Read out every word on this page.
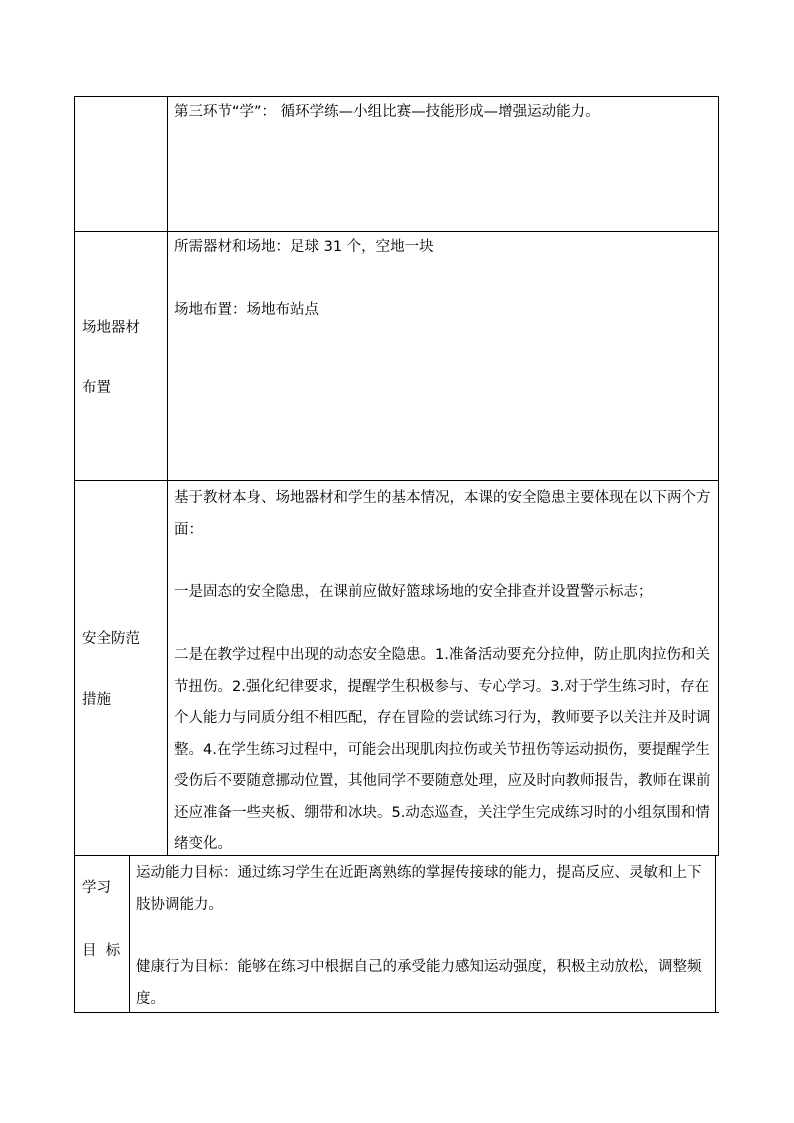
第三环节“学”： 循环学练—小组比赛—技能形成—增强运动能力。
场地器材
布置
所需器材和场地：足球 31 个，空地一块
场地布置：场地布站点
安全防范
措施
基于教材本身、场地器材和学生的基本情况，本课的安全隐患主要体现在以下两个方面：
一是固态的安全隐患，在课前应做好篮球场地的安全排查并设置警示标志；
二是在教学过程中出现的动态安全隐患。1.准备活动要充分拉伸，防止肌肉拉伤和关节扭伤。2.强化纪律要求，提醒学生积极参与、专心学习。3.对于学生练习时，存在个人能力与同质分组不相匹配，存在冒险的尝试练习行为，教师要予以关注并及时调整。4.在学生练习过程中，可能会出现肌肉拉伤或关节扭伤等运动损伤，要提醒学生受伤后不要随意挪动位置，其他同学不要随意处理，应及时向教师报告，教师在课前还应准备一些夹板、绷带和冰块。5.动态巡查，关注学生完成练习时的小组氛围和情绪变化。
学习
目  标
运动能力目标：通过练习学生在近距离熟练的掌握传接球的能力，提高反应、灵敏和上下肢协调能力。
健康行为目标：能够在练习中根据自己的承受能力感知运动强度，积极主动放松，调整频度。
